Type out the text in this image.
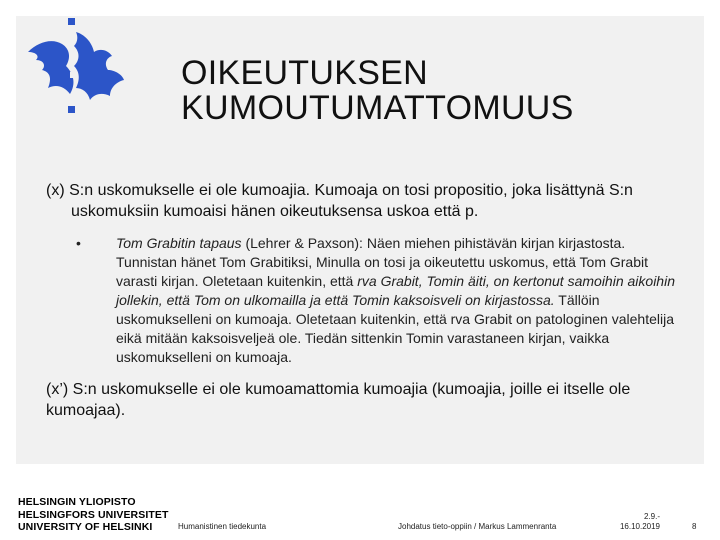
OIKEUTUKSEN
KUMOUTUMATTOMUUS

(x) S:n uskomukselle ei ole kumoajia. Kumoaja on tosi propositio, joka lisättynä S:n uskomuksiin kumoaisi hänen oikeutuksensa uskoa että p.

•	Tom Grabitin tapaus (Lehrer & Paxson): Näen miehen pihistävän kirjan kirjastosta. Tunnistan hänet Tom Grabitiksi, Minulla on tosi ja oikeutettu uskomus, että Tom Grabit varasti kirjan. Oletetaan kuitenkin, että rva Grabit, Tomin äiti, on kertonut samoihin aikoihin jollekin, että Tom on ulkomailla ja että Tomin kaksoisveli on kirjastossa. Tällöin uskomukselleni on kumoaja. Oletetaan kuitenkin, että rva Grabit on patologinen valehtelija eikä mitään kaksoisveljeä ole. Tiedän sittenkin Tomin varastaneen kirjan, vaikka uskomukselleni on kumoaja.

(x’) S:n uskomukselle ei ole kumoamattomia kumoajia (kumoajia, joille ei itselle ole kumoajaa).

HELSINGIN YLIOPISTO
HELSINGFORS UNIVERSITET
UNIVERSITY OF HELSINKI	Humanistinen tiedekunta	Johdatus tieto-oppiin / Markus Lammenranta
2.9.-
16.10.2019	8
